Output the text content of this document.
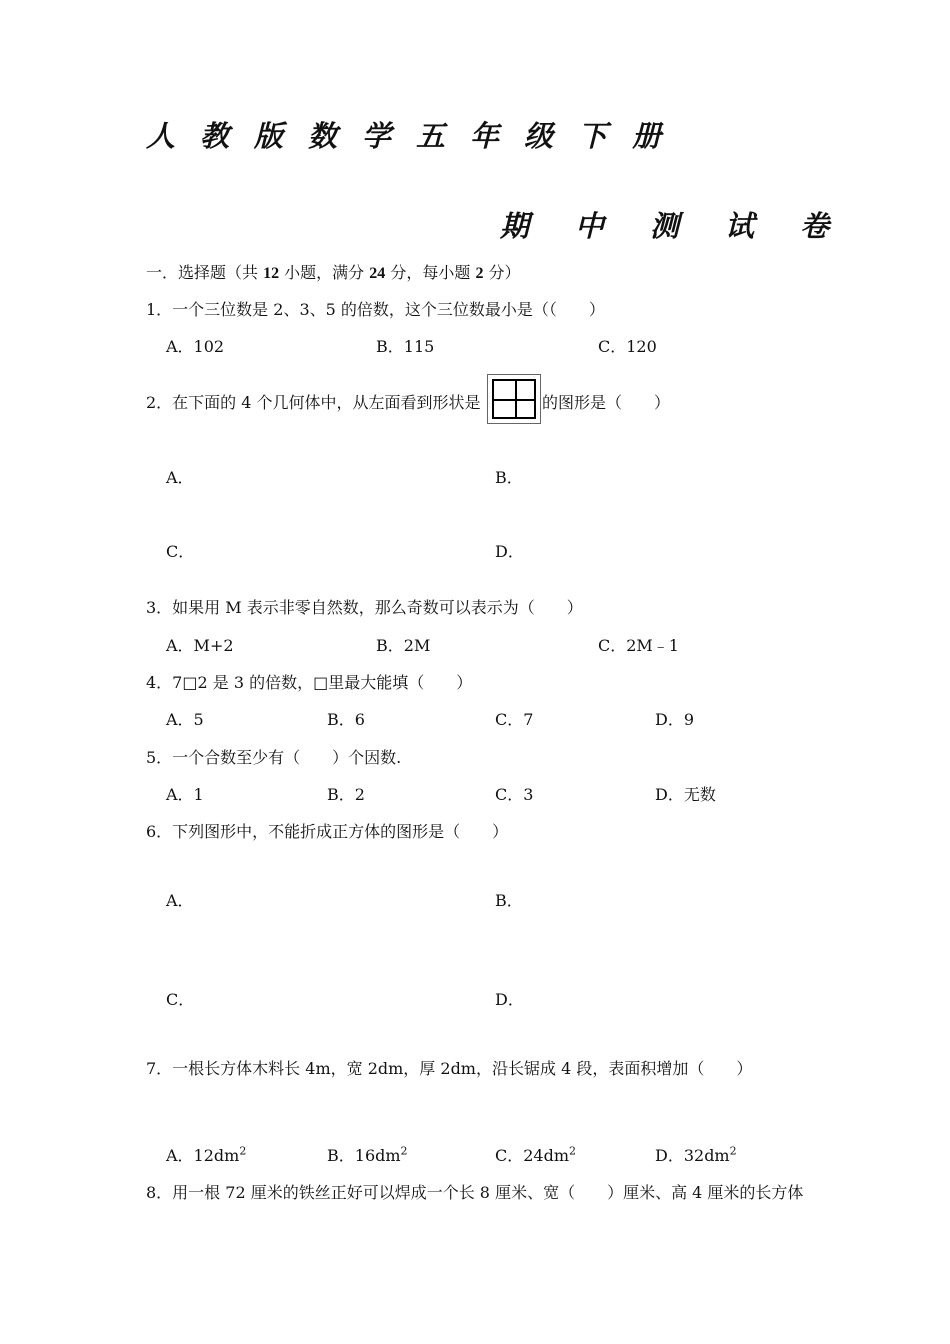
人教版数学五年级下册
期中测试卷
一．选择题（共 12 小题，满分 24 分，每小题 2 分）
1．一个三位数是 2、3、5 的倍数，这个三位数最小是（（　　）
A．102	B．115	C．120
2．在下面的 4 个几何体中，从左面看到形状是	的图形是（　　）
A．	B．
C．	D．
3．如果用 M 表示非零自然数，那么奇数可以表示为（　　）
A．M+2	B．2M	C．2M﹣1
4．7□2 是 3 的倍数，□里最大能填（　　）
A．5	B．6	C．7	D．9
5．一个合数至少有（　　）个因数.
A．1	B．2	C．3	D．无数
6．下列图形中，不能折成正方体的图形是（　　）
A．	B．
C．	D．
7．一根长方体木料长 4m，宽 2dm，厚 2dm，沿长锯成 4 段，表面积增加（　　）
A．$12dm^2$	B．$16dm^2$	C．$24dm^2$	D．$32dm^2$
8．用一根 72 厘米的铁丝正好可以焊成一个长 8 厘米、宽（　　）厘米、高 4 厘米的长方体
